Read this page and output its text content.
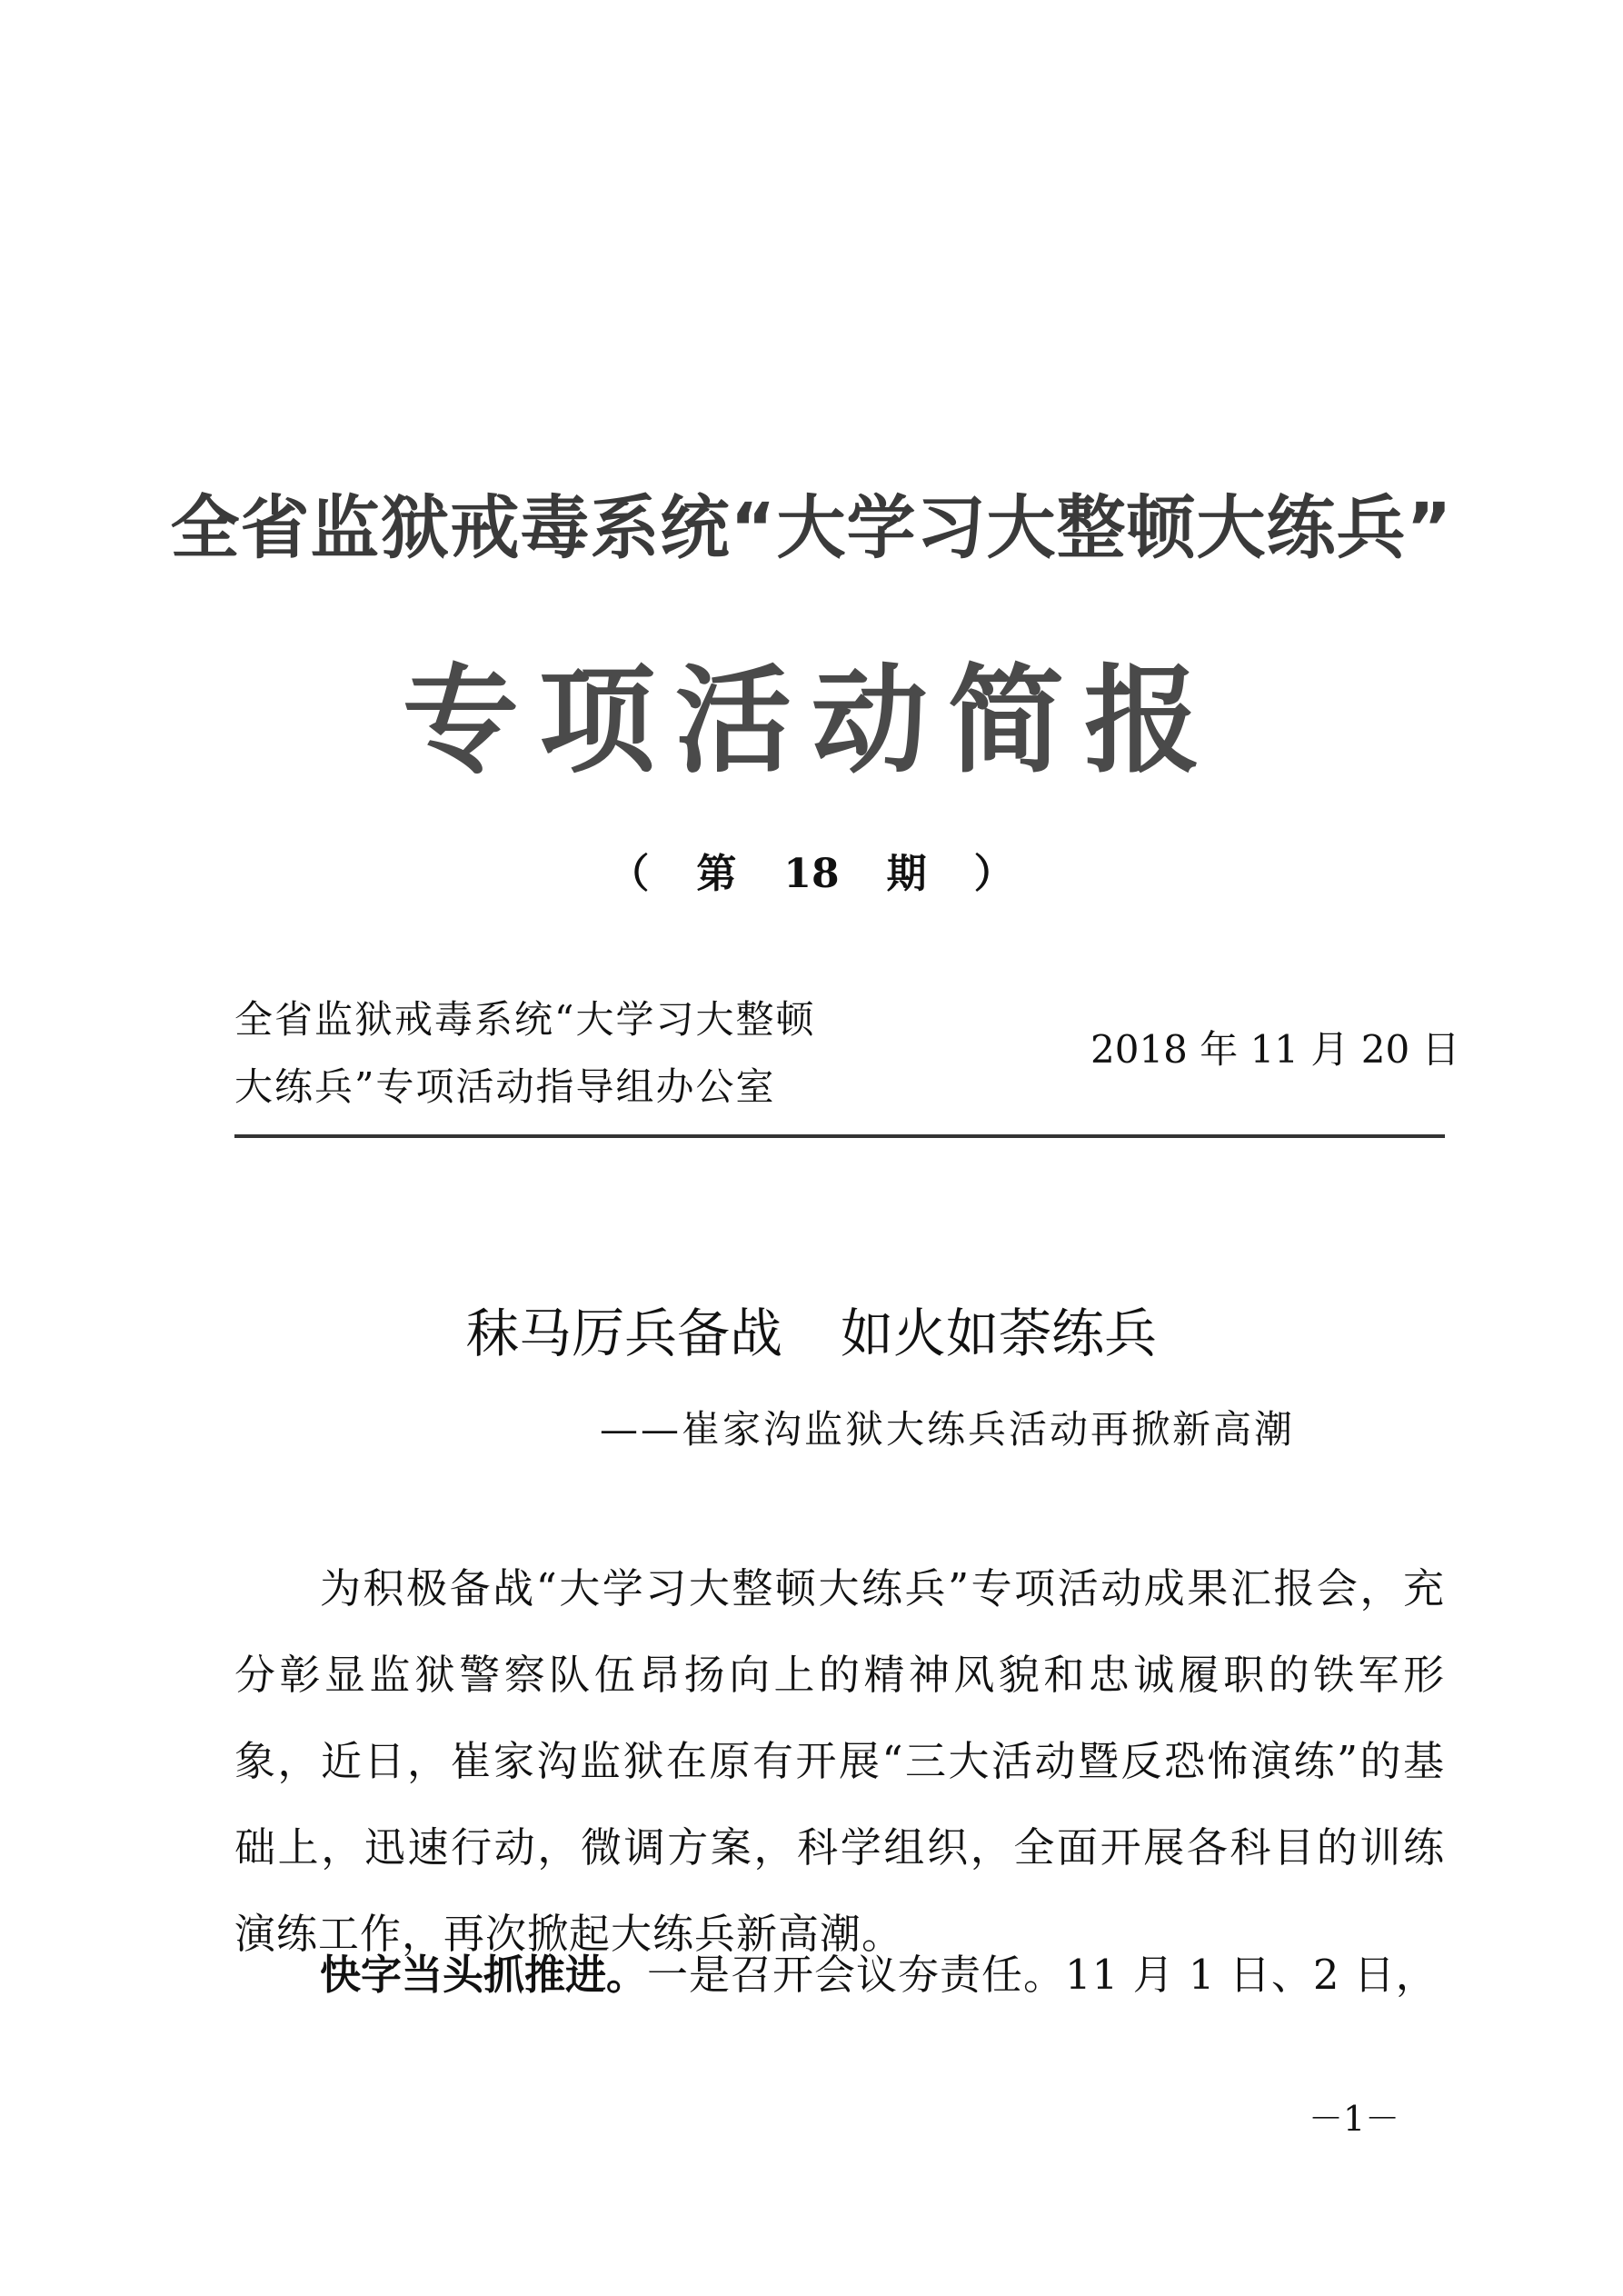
全省监狱戒毒系统“大学习大整顿大练兵”
专项活动简报
（ 第 18 期 ）
全省监狱戒毒系统“大学习大整顿
大练兵”专项活动指导组办公室
2018 年 11 月 20 日
秣马厉兵备战 如火如荼练兵
——崔家沟监狱大练兵活动再掀新高潮

为积极备战“大学习大整顿大练兵”专项活动成果汇报会，充分彰显监狱警察队伍昂扬向上的精神风貌和忠诚履职的铁军形象，近日，崔家沟监狱在原有开展“三大活动暨反恐怖演练”的基础上，迅速行动，微调方案，科学组织，全面开展各科目的训练演练工作，再次掀起大练兵新高潮。

快字当头抓推进。一是召开会议夯责任。11 月 1 日、2 日，

－1－
